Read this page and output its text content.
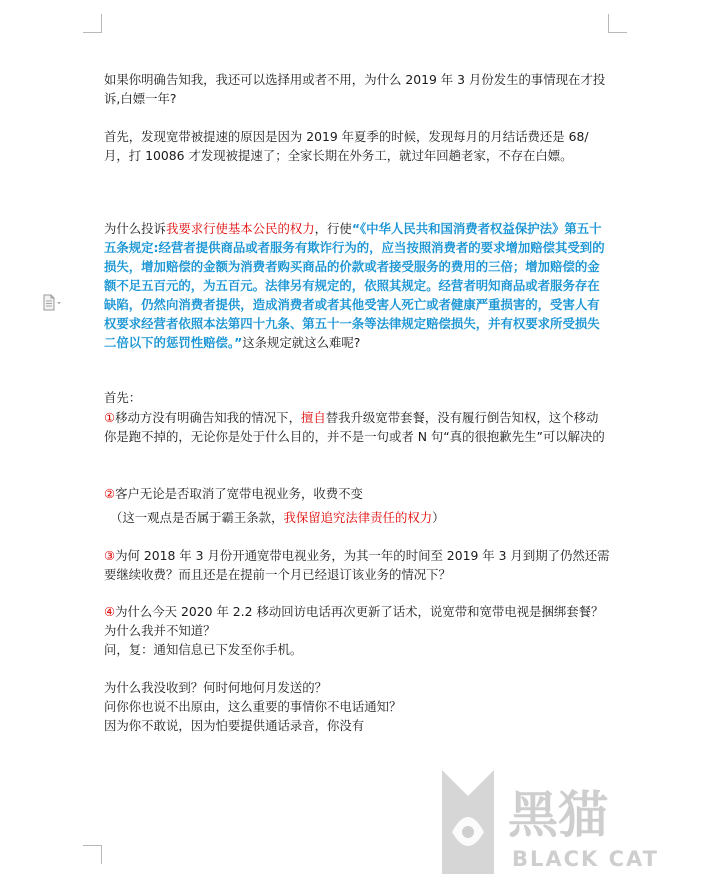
如果你明确告知我，我还可以选择用或者不用，为什么 2019 年 3 月份发生的事情现在才投诉,白嫖一年?

首先，发现宽带被提速的原因是因为 2019 年夏季的时候，发现每月的月结话费还是 68/月，打 10086 才发现被提速了；全家长期在外务工，就过年回趟老家，不存在白嫖。

为什么投诉我要求行使基本公民的权力，行使“《中华人民共和国消费者权益保护法》第五十五条规定:经营者提供商品或者服务有欺诈行为的，应当按照消费者的要求增加赔偿其受到的损失，增加赔偿的金额为消费者购买商品的价款或者接受服务的费用的三倍；增加赔偿的金额不足五百元的，为五百元。法律另有规定的，依照其规定。经营者明知商品或者服务存在缺陷，仍然向消费者提供，造成消费者或者其他受害人死亡或者健康严重损害的，受害人有权要求经营者依照本法第四十九条、第五十一条等法律规定赔偿损失，并有权要求所受损失二倍以下的惩罚性赔偿。”这条规定就这么难呢?

首先：

①移动方没有明确告知我的情况下，擅自替我升级宽带套餐，没有履行倒告知权，这个移动你是跑不掉的，无论你是处于什么目的，并不是一句或者 N 句“真的很抱歉先生”可以解决的

②客户无论是否取消了宽带电视业务，收费不变

（这一观点是否属于霸王条款，我保留追究法律责任的权力）

③为何 2018 年 3 月份开通宽带电视业务，为其一年的时间至 2019 年 3 月到期了仍然还需要继续收费？而且还是在提前一个月已经退订该业务的情况下？

④为什么今天 2020 年 2.2 移动回访电话再次更新了话术，说宽带和宽带电视是捆绑套餐？
为什么我并不知道？
问，复：通知信息已下发至你手机。

为什么我没收到？何时何地何月发送的？
问你你也说不出原由，这么重要的事情你不电话通知？
因为你不敢说，因为怕要提供通话录音，你没有

黑猫
BLACK CAT
